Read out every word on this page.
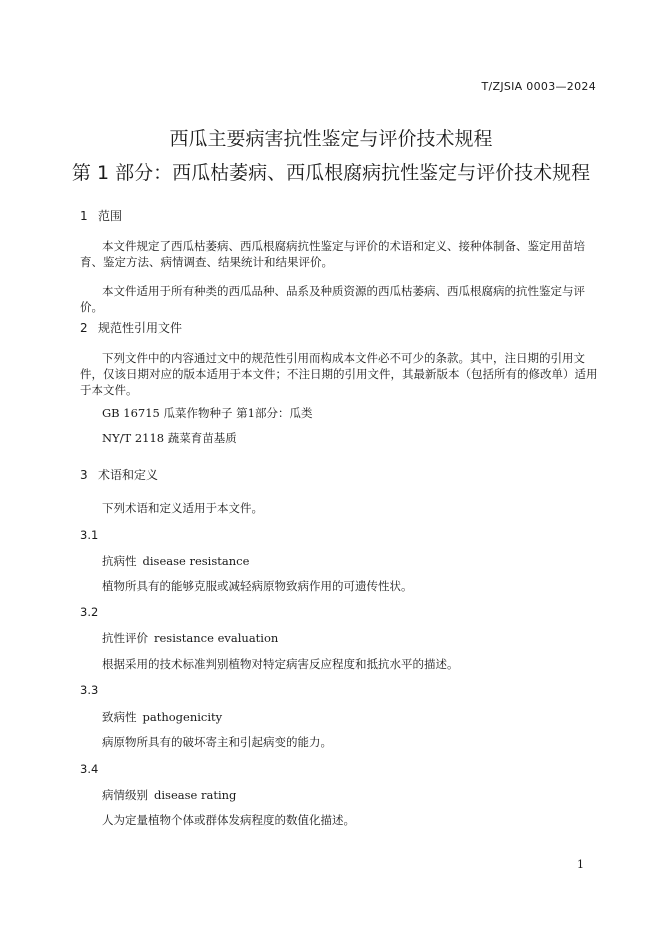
T/ZJSIA 0003—2024
西瓜主要病害抗性鉴定与评价技术规程
第 1 部分：西瓜枯萎病、西瓜根腐病抗性鉴定与评价技术规程
1 范围
本文件规定了西瓜枯萎病、西瓜根腐病抗性鉴定与评价的术语和定义、接种体制备、鉴定用苗培育、鉴定方法、病情调查、结果统计和结果评价。
本文件适用于所有种类的西瓜品种、品系及种质资源的西瓜枯萎病、西瓜根腐病的抗性鉴定与评价。
2 规范性引用文件
下列文件中的内容通过文中的规范性引用而构成本文件必不可少的条款。其中，注日期的引用文件，仅该日期对应的版本适用于本文件；不注日期的引用文件，其最新版本（包括所有的修改单）适用于本文件。
GB 16715 瓜菜作物种子 第1部分：瓜类
NY/T 2118 蔬菜育苗基质
3 术语和定义
下列术语和定义适用于本文件。
3.1
抗病性 disease resistance
植物所具有的能够克服或减轻病原物致病作用的可遗传性状。
3.2
抗性评价 resistance evaluation
根据采用的技术标准判别植物对特定病害反应程度和抵抗水平的描述。
3.3
致病性 pathogenicity
病原物所具有的破坏寄主和引起病变的能力。
3.4
病情级别 disease rating
人为定量植物个体或群体发病程度的数值化描述。
1
